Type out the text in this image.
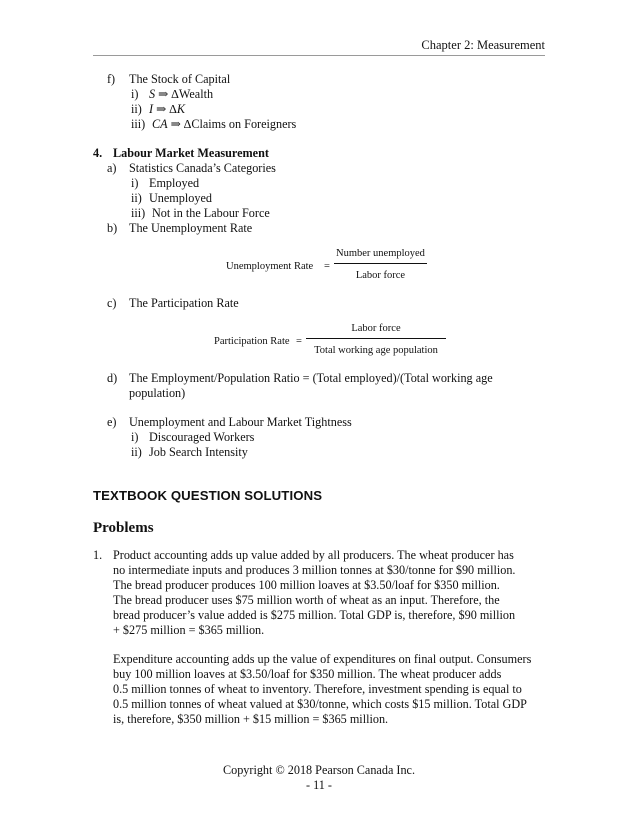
Chapter 2: Measurement
f) The Stock of Capital
i) S ⇒ ∆Wealth
ii) I ⇒ ∆K
iii) CA ⇒ ∆Claims on Foreigners
4. Labour Market Measurement
a) Statistics Canada’s Categories
i) Employed
ii) Unemployed
iii) Not in the Labour Force
b) The Unemployment Rate
Unemployment Rate =
Number unemployed
Labor force
c) The Participation Rate
Participation Rate =
Labor force
Total working age population
d) The Employment/Population Ratio = (Total employed)/(Total working age
population)
e) Unemployment and Labour Market Tightness
i) Discouraged Workers
ii) Job Search Intensity
TEXTBOOK QUESTION SOLUTIONS
Problems
1. Product accounting adds up value added by all producers. The wheat producer has
no intermediate inputs and produces 3 million tonnes at $30/tonne for $90 million.
The bread producer produces 100 million loaves at $3.50/loaf for $350 million.
The bread producer uses $75 million worth of wheat as an input. Therefore, the
bread producer’s value added is $275 million. Total GDP is, therefore, $90 million
+ $275 million = $365 million.
Expenditure accounting adds up the value of expenditures on final output. Consumers
buy 100 million loaves at $3.50/loaf for $350 million. The wheat producer adds
0.5 million tonnes of wheat to inventory. Therefore, investment spending is equal to
0.5 million tonnes of wheat valued at $30/tonne, which costs $15 million. Total GDP
is, therefore, $350 million + $15 million = $365 million.
Copyright © 2018 Pearson Canada Inc.
- 11 -
